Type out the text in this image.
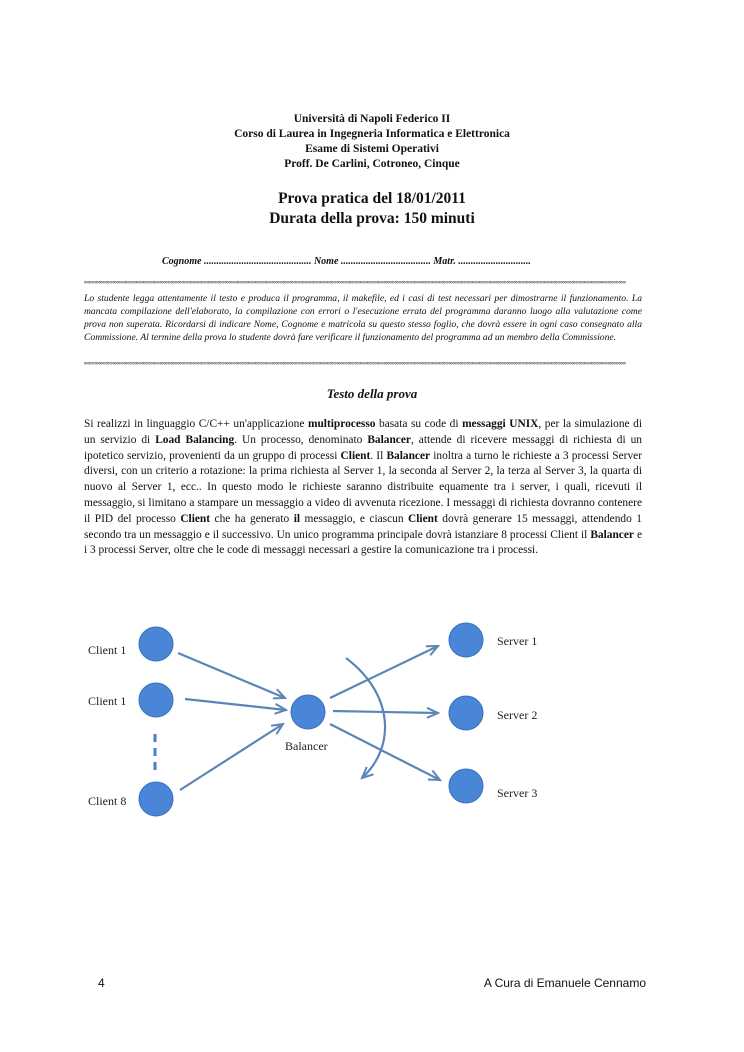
Università di Napoli Federico II

Corso di Laurea in Ingegneria Informatica e Elettronica

Esame di Sistemi Operativi

Proff. De Carlini, Cotroneo, Cinque

Prova pratica del 18/01/2011

Durata della prova: 150 minuti

Cognome ........................................... Nome .................................... Matr. .............................
∞∞∞∞∞∞∞∞∞∞∞∞∞∞∞∞∞∞∞∞∞∞∞∞∞∞∞∞∞∞∞∞∞∞∞∞∞∞∞∞∞∞∞∞∞∞∞∞∞∞∞∞∞∞∞∞∞∞∞∞∞∞∞∞∞∞∞∞∞∞∞∞∞∞∞∞∞∞∞∞∞∞∞∞∞∞∞∞∞∞∞∞∞∞∞∞∞∞∞∞∞∞∞∞∞∞∞∞∞∞∞∞∞∞∞∞∞∞∞∞∞∞∞∞∞∞∞∞∞∞∞∞∞∞∞∞∞∞∞∞∞∞∞∞∞∞∞∞∞∞

Lo studente legga attentamente il testo e produca il programma, il makefile, ed i casi di test necessari per dimostrarne il funzionamento. La mancata compilazione dell'elaborato, la compilazione con errori o l'esecuzione errata del programma daranno luogo alla valutazione come prova non superata. Ricordarsi di indicare Nome, Cognome e matricola su questo stesso foglio, che dovrà essere in ogni caso consegnato alla Commissione. Al termine della prova lo studente dovrà fare verificare il funzionamento del programma ad un membro della Commissione.

∞∞∞∞∞∞∞∞∞∞∞∞∞∞∞∞∞∞∞∞∞∞∞∞∞∞∞∞∞∞∞∞∞∞∞∞∞∞∞∞∞∞∞∞∞∞∞∞∞∞∞∞∞∞∞∞∞∞∞∞∞∞∞∞∞∞∞∞∞∞∞∞∞∞∞∞∞∞∞∞∞∞∞∞∞∞∞∞∞∞∞∞∞∞∞∞∞∞∞∞∞∞∞∞∞∞∞∞∞∞∞∞∞∞∞∞∞∞∞∞∞∞∞∞∞∞∞∞∞∞∞∞∞∞∞∞∞∞∞∞∞∞∞∞∞∞∞∞∞∞

Testo della prova

Si realizzi in linguaggio C/C++ un'applicazione multiprocesso basata su code di messaggi UNIX, per la simulazione di un servizio di Load Balancing. Un processo, denominato Balancer, attende di ricevere messaggi di richiesta di un ipotetico servizio, provenienti da un gruppo di processi Client. Il Balancer inoltra a turno le richieste a 3 processi Server diversi, con un criterio a rotazione: la prima richiesta al Server 1, la seconda al Server 2, la terza al Server 3, la quarta di nuovo al Server 1, ecc.. In questo modo le richieste saranno distribuite equamente tra i server, i quali, ricevuti il messaggio, si limitano a stampare un messaggio a video di avvenuta ricezione. I messaggi di richiesta dovranno contenere il PID del processo Client che ha generato il messaggio, e ciascun Client dovrà generare 15 messaggi, attendendo 1 secondo tra un messaggio e il successivo. Un unico programma principale dovrà istanziare 8 processi Client il Balancer e i 3 processi Server, oltre che le code di messaggi necessari a gestire la comunicazione tra i processi.

Client 1
Client 1
Client 8
Balancer
Server 1
Server 2
Server 3
4	A Cura di Emanuele Cennamo
